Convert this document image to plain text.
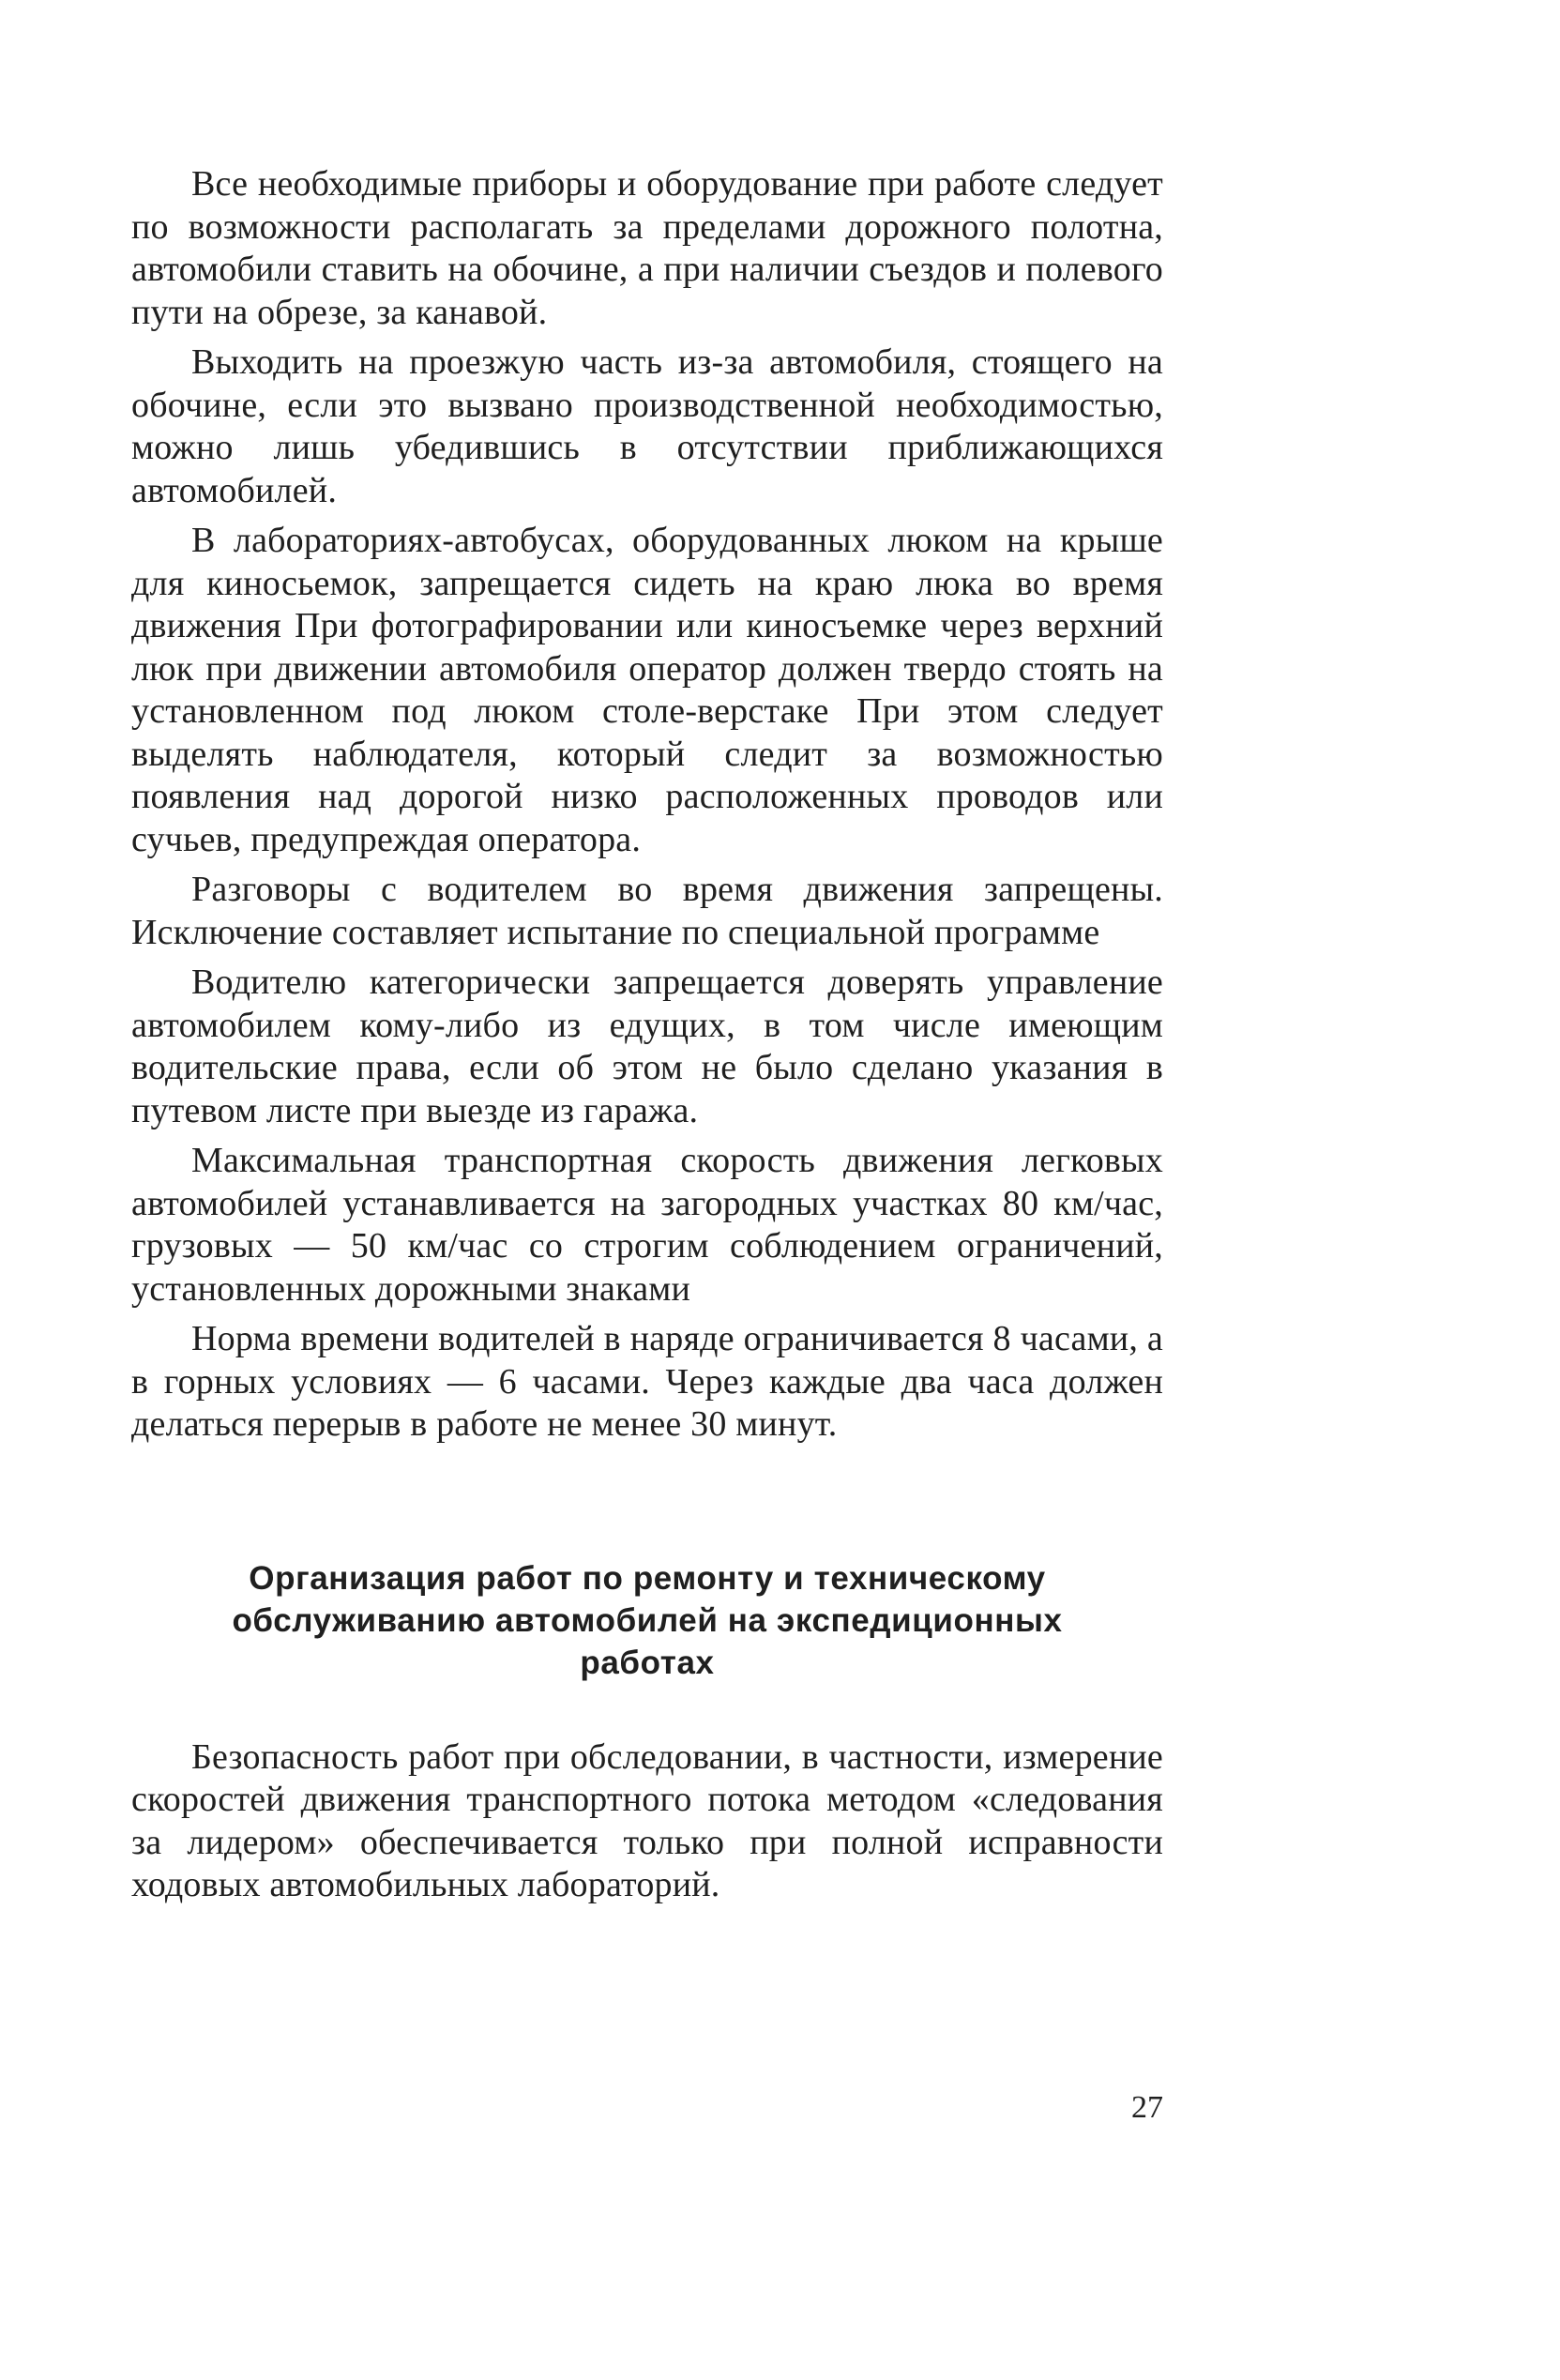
Все необходимые приборы и оборудование при работе следует по возможности располагать за пределами дорожного полотна, автомобили ставить на обочине, а при наличии съездов и полевого пути на обрезе, за канавой.

Выходить на проезжую часть из-за автомобиля, стоящего на обочине, если это вызвано производственной необходимостью, можно лишь убедившись в отсутствии приближающихся автомобилей.

В лабораториях-автобусах, оборудованных люком на крыше для киносьемок, запрещается сидеть на краю люка во время движения При фотографировании или киносъемке через верхний люк при движении автомобиля оператор должен твердо стоять на установленном под люком столе-верстаке При этом следует выделять наблюдателя, который следит за возможностью появления над дорогой низко расположенных проводов или сучьев, предупреждая оператора.

Разговоры с водителем во время движения запрещены. Исключение составляет испытание по специальной программе

Водителю категорически запрещается доверять управление автомобилем кому-либо из едущих, в том числе имеющим водительские права, если об этом не было сделано указания в путевом листе при выезде из гаража.

Максимальная транспортная скорость движения легковых автомобилей устанавливается на загородных участках 80 км/час, грузовых — 50 км/час со строгим соблюдением ограничений, установленных дорожными знаками

Норма времени водителей в наряде ограничивается 8 часами, а в горных условиях — 6 часами. Через каждые два часа должен делаться перерыв в работе не менее 30 минут.

Организация работ по ремонту и техническому
обслуживанию автомобилей на экспедиционных
работах

Безопасность работ при обследовании, в частности, измерение скоростей движения транспортного потока методом «следования за лидером» обеспечивается только при полной исправности ходовых автомобильных лабораторий.

27
